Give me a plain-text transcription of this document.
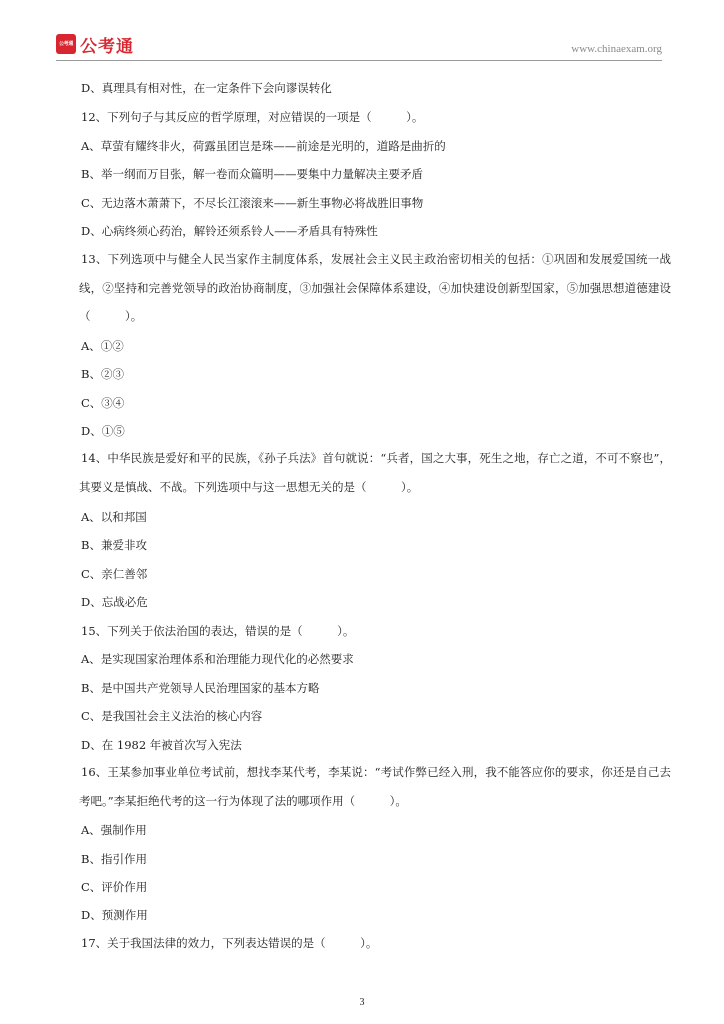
公考通 公考通	www.chinaexam.org
D、真理具有相对性，在一定条件下会向谬误转化
12、下列句子与其反应的哲学原理，对应错误的一项是（　　　）。
A、草萤有耀终非火，荷露虽团岂是珠——前途是光明的，道路是曲折的
B、举一纲而万目张，解一卷而众篇明——要集中力量解决主要矛盾
C、无边落木萧萧下，不尽长江滚滚来——新生事物必将战胜旧事物
D、心病终须心药治，解铃还须系铃人——矛盾具有特殊性
13、下列选项中与健全人民当家作主制度体系，发展社会主义民主政治密切相关的包括：①巩固和发展爱国统一战线，②坚持和完善党领导的政治协商制度，③加强社会保障体系建设，④加快建设创新型国家，⑤加强思想道德建设（　　　）。
A、①②
B、②③
C、③④
D、①⑤
14、中华民族是爱好和平的民族，《孙子兵法》首句就说：“兵者，国之大事，死生之地，存亡之道，不可不察也”，其要义是慎战、不战。下列选项中与这一思想无关的是（　　　）。
A、以和邦国
B、兼爱非攻
C、亲仁善邻
D、忘战必危
15、下列关于依法治国的表达，错误的是（　　　）。
A、是实现国家治理体系和治理能力现代化的必然要求
B、是中国共产党领导人民治理国家的基本方略
C、是我国社会主义法治的核心内容
D、在 1982 年被首次写入宪法
16、王某参加事业单位考试前，想找李某代考，李某说：“考试作弊已经入刑，我不能答应你的要求，你还是自己去考吧。”李某拒绝代考的这一行为体现了法的哪项作用（　　　）。
A、强制作用
B、指引作用
C、评价作用
D、预测作用
17、关于我国法律的效力，下列表达错误的是（　　　）。
3
